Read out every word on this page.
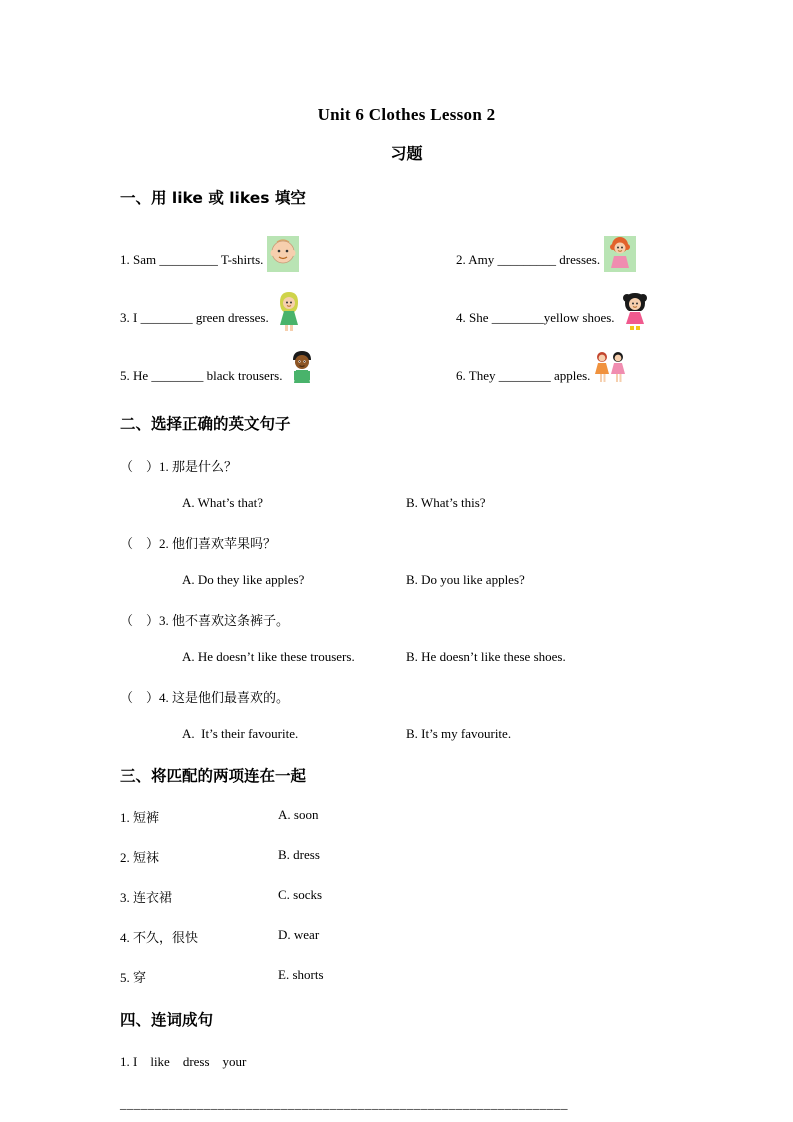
Unit 6 Clothes Lesson 2
习题
一、用 like 或 likes 填空
1. Sam _________ T-shirts.	2. Amy _________ dresses.
3. I ________ green dresses.	4. She ________yellow shoes.
5. He ________ black trousers.	6. They ________ apples.
二、选择正确的英文句子
（　）1. 那是什么？
A. What’s that?	B. What’s this?
（　）2. 他们喜欢苹果吗？
A. Do they like apples?	B. Do you like apples?
（　）3. 他不喜欢这条裤子。
A. He doesn’t like these trousers.	B. He doesn’t like these shoes.
（　）4. 这是他们最喜欢的。
A.  It’s their favourite.	B. It’s my favourite.
三、将匹配的两项连在一起
1. 短裤	A. soon
2. 短袜	B. dress
3. 连衣裙	C. socks
4. 不久，很快	D. wear
5. 穿	E. shorts
四、连词成句
1. I    like    dress    your
________________________________________________________________
